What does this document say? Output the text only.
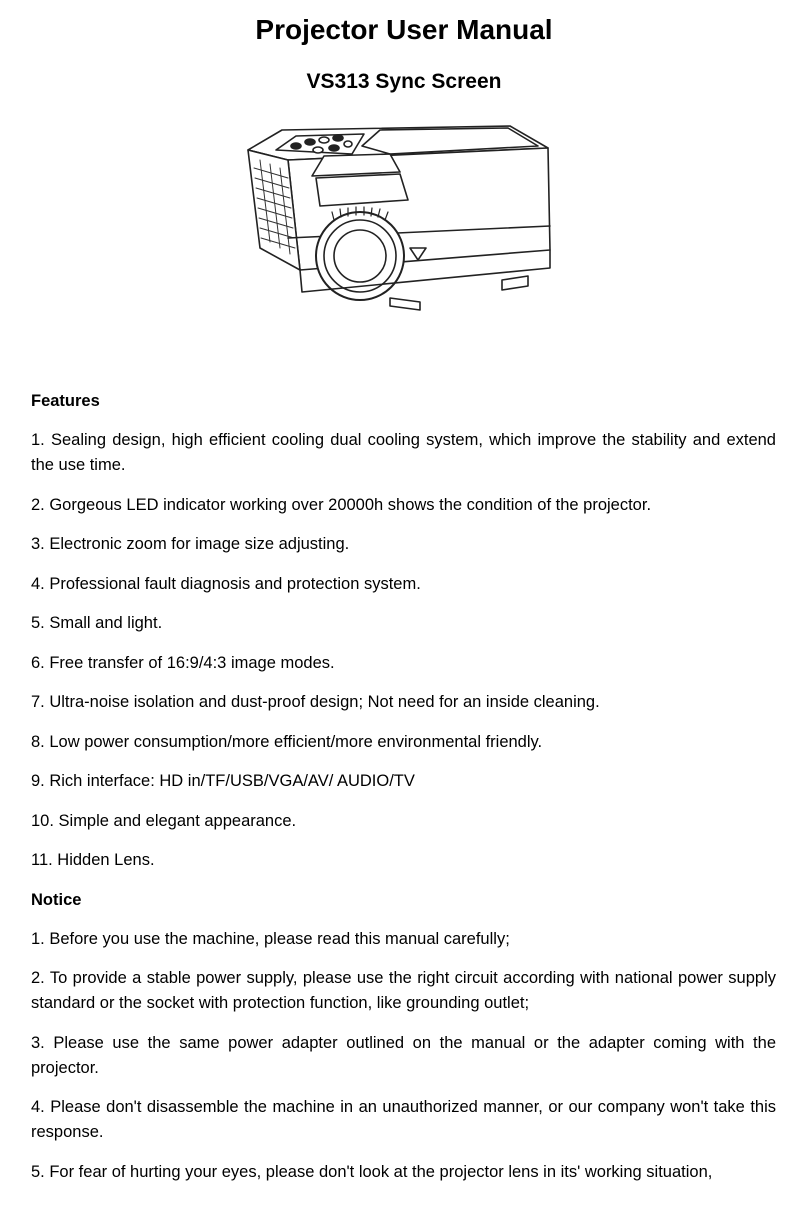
Projector User Manual
VS313 Sync Screen

Features

1. Sealing design, high efficient cooling dual cooling system, which improve the stability and extend the use time.

2. Gorgeous LED indicator working over 20000h shows the condition of the projector.

3. Electronic zoom for image size adjusting.

4. Professional fault diagnosis and protection system.

5. Small and light.

6. Free transfer of 16:9/4:3 image modes.

7. Ultra-noise isolation and dust-proof design; Not need for an inside cleaning.

8. Low power consumption/more efficient/more environmental friendly.

9. Rich interface: HD in/TF/USB/VGA/AV/ AUDIO/TV

10. Simple and elegant appearance.

11. Hidden Lens.

Notice

1. Before you use the machine, please read this manual carefully;

2. To provide a stable power supply, please use the right circuit according with national power supply standard or the socket with protection function, like grounding outlet;

3. Please use the same power adapter outlined on the manual or the adapter coming with the projector.

4. Please don't disassemble the machine in an unauthorized manner, or our company won't take this response.

5. For fear of hurting your eyes, please don't look at the projector lens in its' working situation,
